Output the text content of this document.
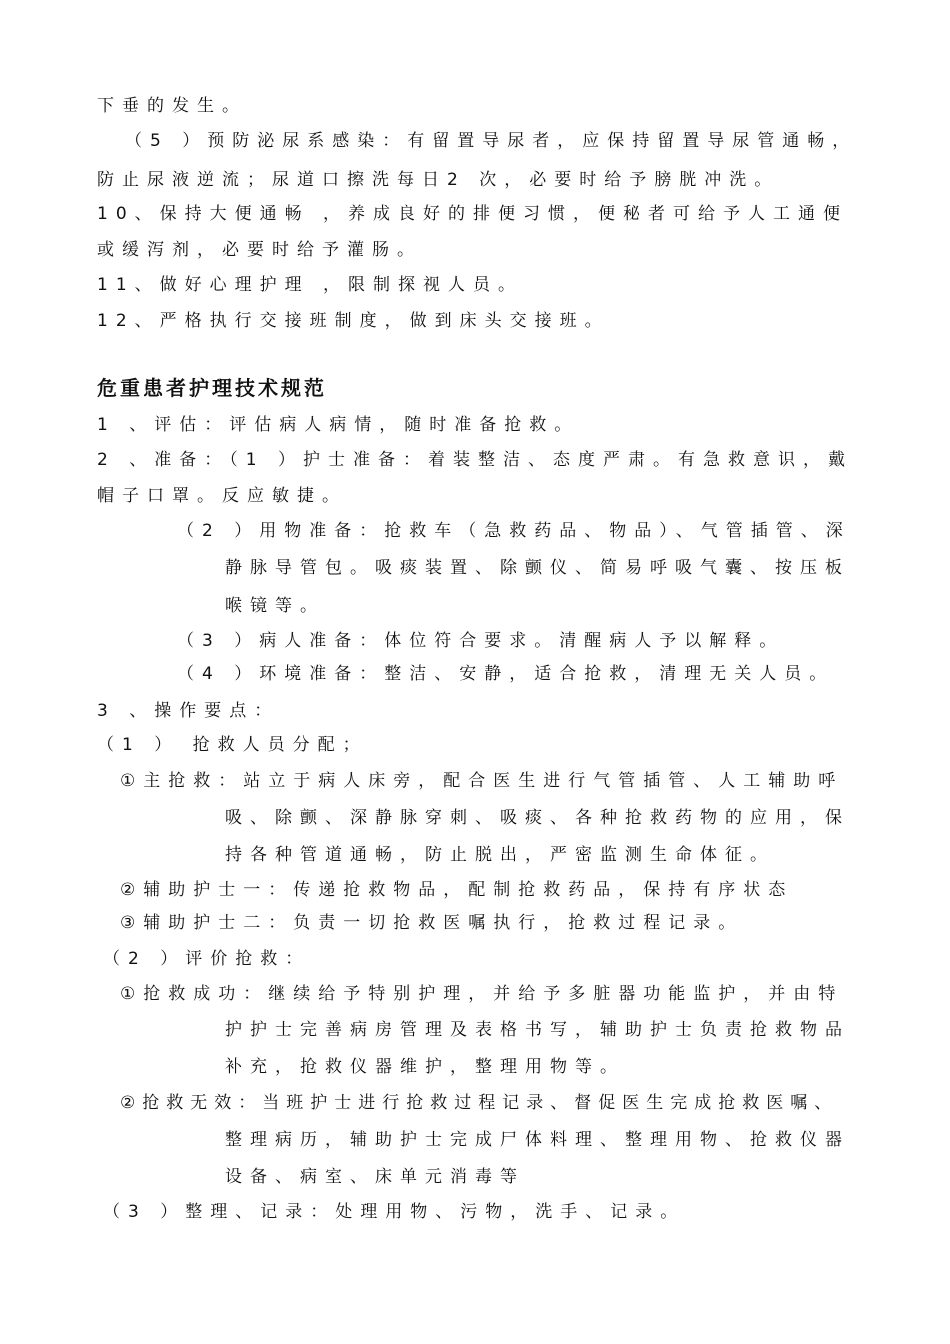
下垂的发生。
（5 ）预防泌尿系感染：有留置导尿者，应保持留置导尿管通畅，
防止尿液逆流；尿道口擦洗每日2 次，必要时给予膀胱冲洗。
10、保持大便通畅 ，养成良好的排便习惯，便秘者可给予人工通便
或缓泻剂，必要时给予灌肠。
11、做好心理护理 ，限制探视人员。
12、严格执行交接班制度，做到床头交接班。
危重患者护理技术规范
1 、评估：评估病人病情，随时准备抢救。
2 、准备：（1 ）护士准备：着装整洁、态度严肃。有急救意识，戴
帽子口罩。反应敏捷。
（2 ）用物准备：抢救车（急救药品、物品）、气管插管、深
静脉导管包。吸痰装置、除颤仪、简易呼吸气囊、按压板
喉镜等。
（3 ）病人准备：体位符合要求。清醒病人予以解释。
（4 ）环境准备：整洁、安静，适合抢救，清理无关人员。
3 、操作要点：
（1 ） 抢救人员分配；
①主抢救：站立于病人床旁，配合医生进行气管插管、人工辅助呼
吸、除颤、深静脉穿刺、吸痰、各种抢救药物的应用，保
持各种管道通畅，防止脱出，严密监测生命体征。
②辅助护士一：传递抢救物品，配制抢救药品，保持有序状态
③辅助护士二：负责一切抢救医嘱执行，抢救过程记录。
（2 ）评价抢救：
①抢救成功：继续给予特别护理，并给予多脏器功能监护，并由特
护护士完善病房管理及表格书写，辅助护士负责抢救物品
补充，抢救仪器维护，整理用物等。
②抢救无效：当班护士进行抢救过程记录、督促医生完成抢救医嘱、
整理病历，辅助护士完成尸体料理、整理用物、抢救仪器
设备、病室、床单元消毒等
（3 ）整理、记录：处理用物、污物，洗手、记录。
